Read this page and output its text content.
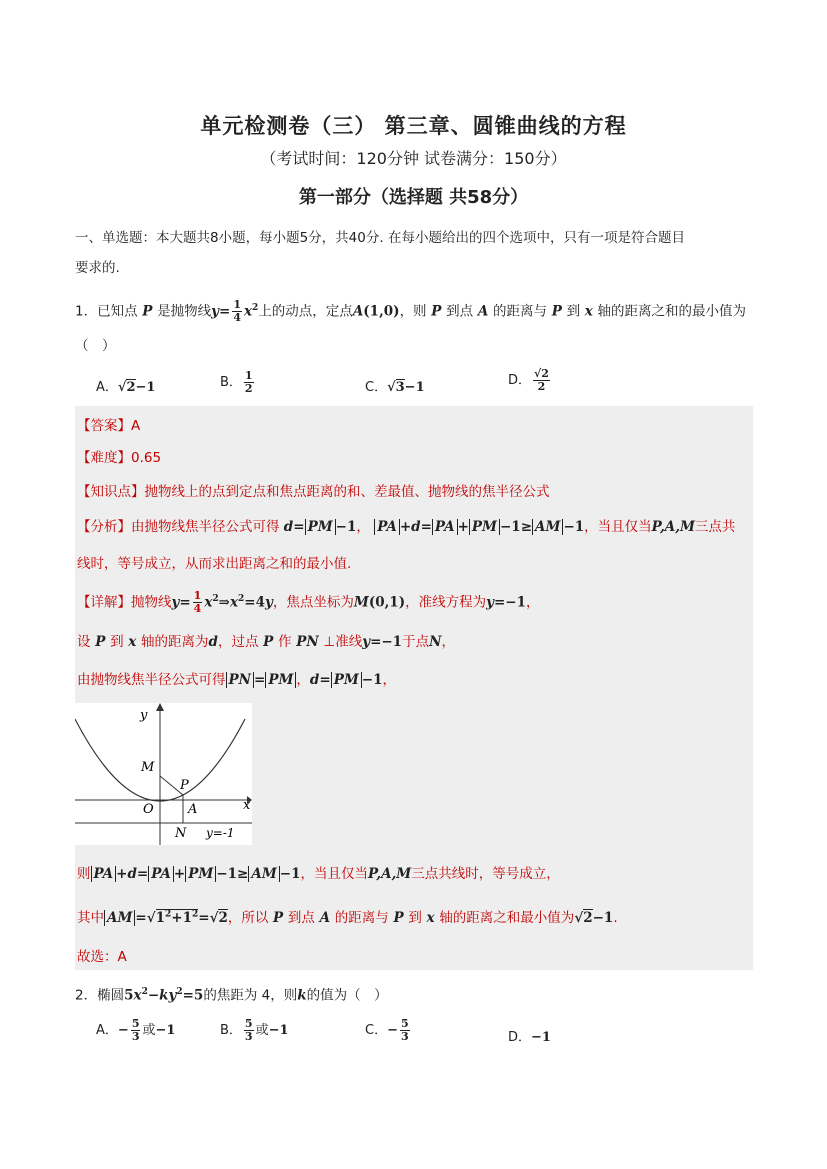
单元检测卷（三） 第三章、圆锥曲线的方程
（考试时间：120分钟 试卷满分：150分）
第一部分（选择题 共58分）
一、单选题：本大题共8小题，每小题5分，共40分. 在每小题给出的四个选项中，只有一项是符合题目
要求的.
1．已知点 P 是抛物线$y= \frac{1}{4} x^2$上的动点，定点A(1,0)，则 P 到点 A 的距离与 P 到 x 轴的距离之和的最小值为
（　）
A．√2−1	B． $\frac{1}{2}$	C．√3−1	D． $\frac{√2}{2}$
【答案】A
【难度】0.65
【知识点】抛物线上的点到定点和焦点距离的和、差最值、抛物线的焦半径公式
【分析】由抛物线焦半径公式可得 d= PM −1， PA +d= PA + PM −1≥ AM −1，当且仅当P,A,M三点共
线时，等号成立，从而求出距离之和的最小值.
【详解】抛物线$y= \frac{1}{4}$ $x^2\Rightarrow x^2=4y$，焦点坐标为M(0,1)，准线方程为y=−1，
设 P 到 x 轴的距离为d，过点 P 作 PN ⊥准线y=−1于点N，
由抛物线焦半径公式可得 PN = PM ，d= PM −1，
y
x
M
P
O	A
N y=-1
则 PA +d= PA + PM −1≥ AM −1，当且仅当P,A,M三点共线时，等号成立，
其中 AM $=√1^2+1^2=√2$，所以 P 到点 A 的距离与 P 到 x 轴的距离之和最小值为√2−1.
故选：A
2．椭圆$5x^2-ky^2=5$的焦距为 4，则k的值为（　）
A．− $\frac{5}{3}$ 或−1	B． $\frac{5}{3}$ 或−1	C．− $\frac{5}{3}$	D．−1
